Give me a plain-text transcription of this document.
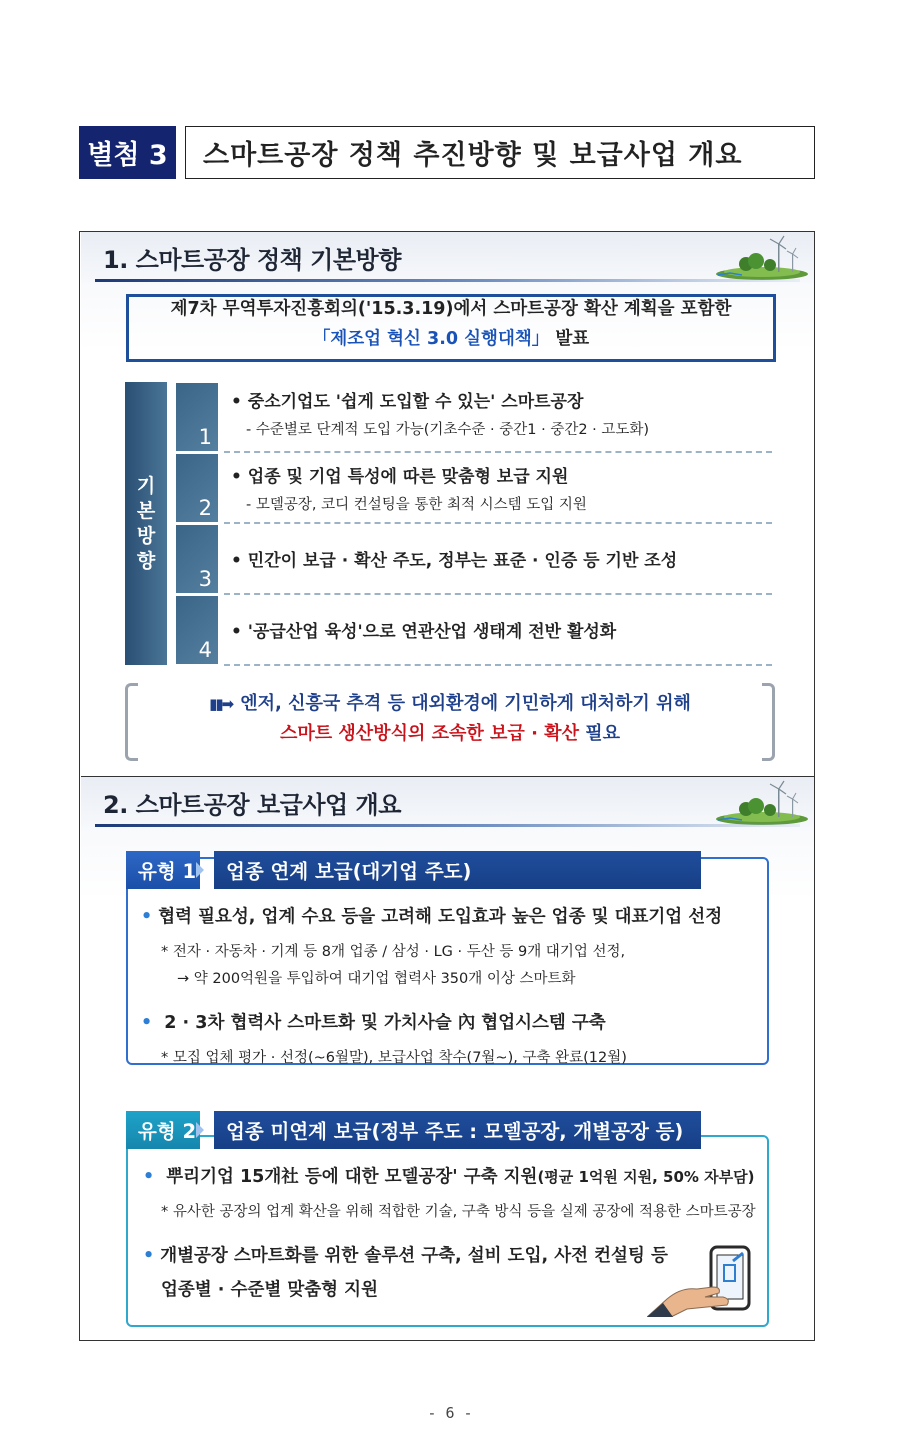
별첨 3	스마트공장 정책 추진방향 및 보급사업 개요
1. 스마트공장 정책 기본방향
제7차 무역투자진흥회의('15.3.19)에서 스마트공장 확산 계획을 포함한
「제조업 혁신 3.0 실행대책」 발표
기
본
방
향
1
• 중소기업도 '쉽게 도입할 수 있는' 스마트공장
- 수준별로 단계적 도입 가능(기초수준 · 중간1 · 중간2 · 고도화)
2
• 업종 및 기업 특성에 따른 맞춤형 보급 지원
- 모델공장, 코디 컨설팅을 통한 최적 시스템 도입 지원
3
• 민간이 보급 · 확산 주도, 정부는 표준 · 인증 등 기반 조성
4
• '공급산업 육성'으로 연관산업 생태계 전반 활성화
▮▮➡ 엔저, 신흥국 추격 등 대외환경에 기민하게 대처하기 위해
스마트 생산방식의 조속한 보급 · 확산 필요
2. 스마트공장 보급사업 개요
유형 1 업종 연계 보급(대기업 주도)
• 협력 필요성, 업계 수요 등을 고려해 도입효과 높은 업종 및 대표기업 선정
* 전자 · 자동차 · 기계 등 8개 업종 / 삼성 · LG · 두산 등 9개 대기업 선정,
→ 약 200억원을 투입하여 대기업 협력사 350개 이상 스마트화
• 2 · 3차 협력사 스마트화 및 가치사슬 內 협업시스템 구축
* 모집 업체 평가 · 선정(~6월말), 보급사업 착수(7월~), 구축 완료(12월)
유형 2 업종 미연계 보급(정부 주도 : 모델공장, 개별공장 등)
• 뿌리기업 15개社 등에 대한 모델공장' 구축 지원(평균 1억원 지원, 50% 자부담)
* 유사한 공장의 업계 확산을 위해 적합한 기술, 구축 방식 등을 실제 공장에 적용한 스마트공장
• 개별공장 스마트화를 위한 솔루션 구축, 설비 도입, 사전 컨설팅 등
업종별 · 수준별 맞춤형 지원
- 6 -
